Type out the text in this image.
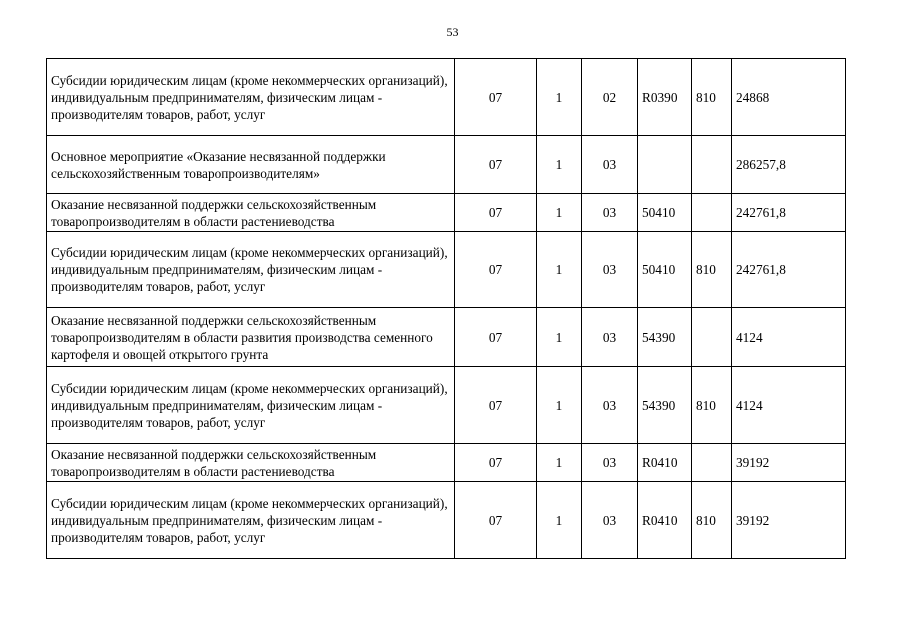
53
Субсидии юридическим лицам (кроме некоммерческих организаций), индивидуальным предпринимателям, физическим лицам - производителям товаров, работ, услуг	07	1	02	R0390	810	24868
Основное мероприятие «Оказание несвязанной поддержки сельскохозяйственным товаропроизводителям»	07	1	03			286257,8
Оказание несвязанной поддержки сельскохозяйственным товаропроизводителям в области растениеводства	07	1	03	50410		242761,8
Субсидии юридическим лицам (кроме некоммерческих организаций), индивидуальным предпринимателям, физическим лицам - производителям товаров, работ, услуг	07	1	03	50410	810	242761,8
Оказание несвязанной поддержки сельскохозяйственным товаропроизводителям в области развития производства семенного картофеля и овощей открытого грунта	07	1	03	54390		4124
Субсидии юридическим лицам (кроме некоммерческих организаций), индивидуальным предпринимателям, физическим лицам - производителям товаров, работ, услуг	07	1	03	54390	810	4124
Оказание несвязанной поддержки сельскохозяйственным товаропроизводителям в области растениеводства	07	1	03	R0410		39192
Субсидии юридическим лицам (кроме некоммерческих организаций), индивидуальным предпринимателям, физическим лицам - производителям товаров, работ, услуг	07	1	03	R0410	810	39192
